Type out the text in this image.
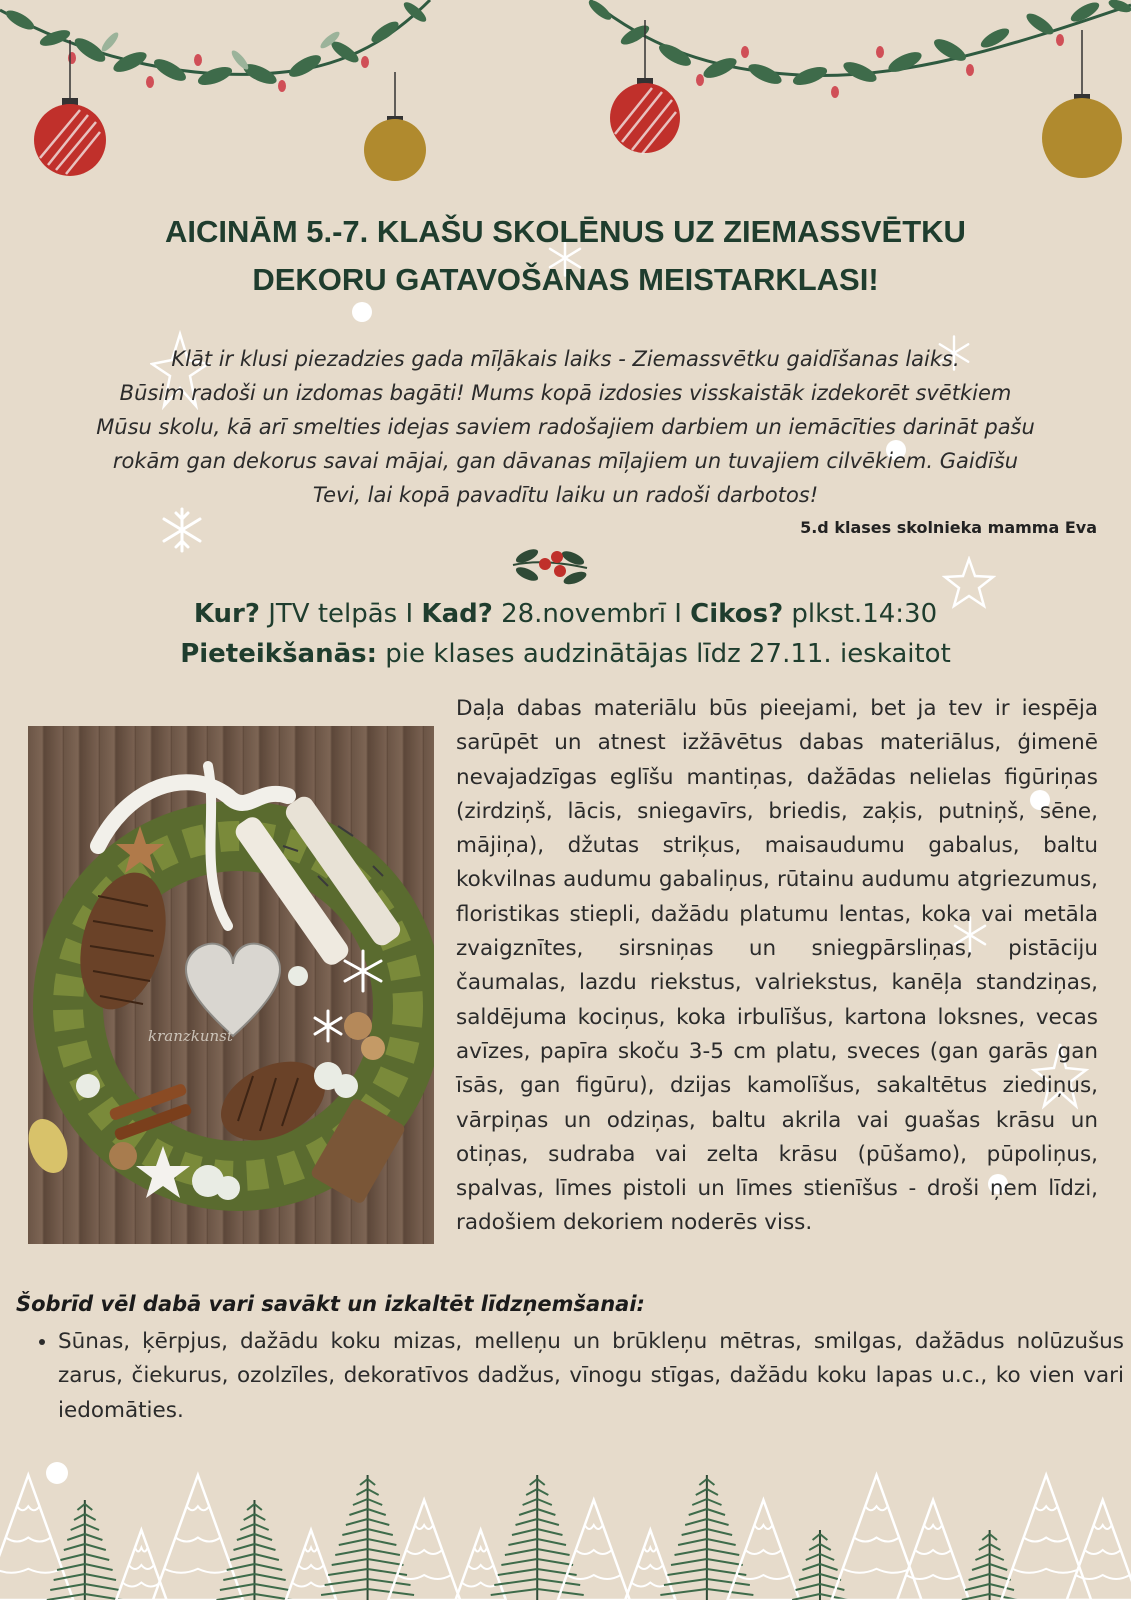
AICINĀM 5.-7. KLAŠU SKOLĒNUS UZ ZIEMASSVĒTKU
DEKORU GATAVOŠANAS MEISTARKLASI!
Klāt ir klusi piezadzies gada mīļākais laiks - Ziemassvētku gaidīšanas laiks.
Būsim radoši un izdomas bagāti! Mums kopā izdosies visskaistāk izdekorēt svētkiem
Mūsu skolu, kā arī smelties idejas saviem radošajiem darbiem un iemācīties darināt pašu
rokām gan dekorus savai mājai, gan dāvanas mīļajiem un tuvajiem cilvēkiem. Gaidīšu
Tevi, lai kopā pavadītu laiku un radoši darbotos!
5.d klases skolnieka mamma Eva
Kur? JTV telpās I Kad? 28.novembrī I Cikos? plkst.14:30
Pieteikšanās: pie klases audzinātājas līdz 27.11. ieskaitot
kranzkunst

Daļa dabas materiālu būs pieejami, bet ja tev ir iespēja sarūpēt un atnest izžāvētus dabas materiālus, ģimenē nevajadzīgas eglīšu mantiņas, dažādas nelielas figūriņas (zirdziņš, lācis, sniegavīrs, briedis, zaķis, putniņš, sēne, mājiņa), džutas striķus, maisaudumu gabalus, baltu kokvilnas audumu gabaliņus, rūtainu audumu atgriezumus, floristikas stiepli, dažādu platumu lentas, koka vai metāla zvaigznītes, sirsniņas un sniegpārsliņas, pistāciju čaumalas, lazdu riekstus, valriekstus, kanēļa standziņas, saldējuma kociņus, koka irbulīšus, kartona loksnes, vecas avīzes, papīra skoču 3-5 cm platu, sveces (gan garās gan īsās, gan figūru), dzijas kamolīšus, sakaltētus ziediņus, vārpiņas un odziņas, baltu akrila vai guašas krāsu un otiņas, sudraba vai zelta krāsu (pūšamo), pūpoliņus, spalvas, līmes pistoli un līmes stienīšus - droši ņem līdzi, radošiem dekoriem noderēs viss.

Šobrīd vēl dabā vari savākt un izkaltēt līdzņemšanai:

• Sūnas, ķērpjus, dažādu koku mizas, melleņu un brūkleņu mētras, smilgas, dažādus nolūzušus zarus, čiekurus, ozolzīles, dekoratīvos dadžus, vīnogu stīgas, dažādu koku lapas u.c., ko vien vari iedomāties.
